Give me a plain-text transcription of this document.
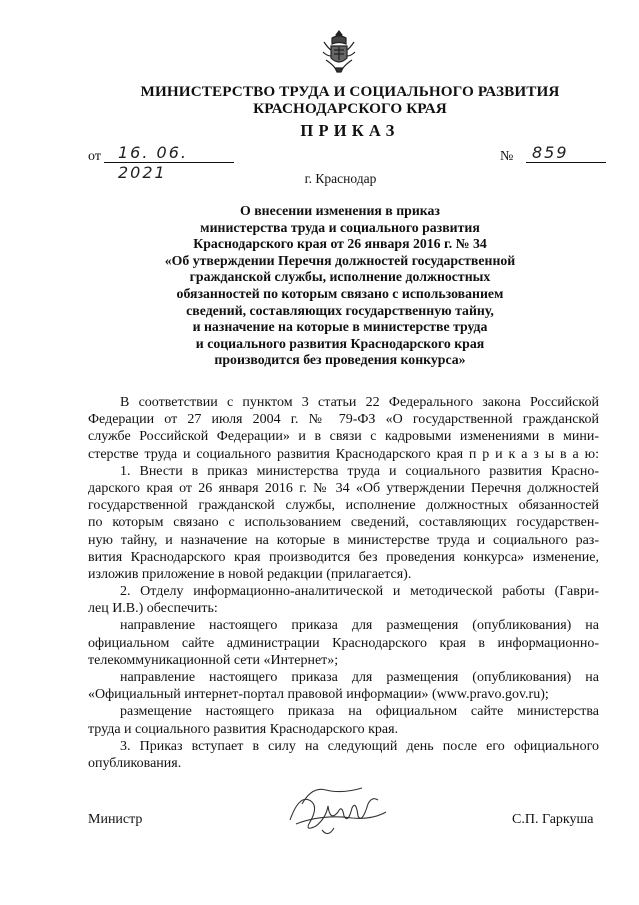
МИНИСТЕРСТВО ТРУДА И СОЦИАЛЬНОГО РАЗВИТИЯ
КРАСНОДАРСКОГО КРАЯ
ПРИКАЗ
от	16. 06. 2021
№	859
г. Краснодар
О внесении изменения в приказ
министерства труда и социального развития
Краснодарского края от 26 января 2016 г. № 34
«Об утверждении Перечня должностей государственной
гражданской службы, исполнение должностных
обязанностей по которым связано с использованием
сведений, составляющих государственную тайну,
и назначение на которые в министерстве труда
и социального развития Краснодарского края
производится без проведения конкурса»
В соответствии с пунктом 3 статьи 22 Федерального закона Российской
Федерации от 27 июля 2004 г. № 79-ФЗ «О государственной гражданской
службе Российской Федерации» и в связи с кадровыми изменениями в мини-
стерстве труда и социального развития Краснодарского края п р и к а з ы в а ю:
1. Внести в приказ министерства труда и социального развития Красно-
дарского края от 26 января 2016 г. № 34 «Об утверждении Перечня должностей
государственной гражданской службы, исполнение должностных обязанностей
по которым связано с использованием сведений, составляющих государствен-
ную тайну, и назначение на которые в министерстве труда и социального раз-
вития Краснодарского края производится без проведения конкурса» изменение,
изложив приложение в новой редакции (прилагается).
2. Отделу информационно-аналитической и методической работы (Гаври-
лец И.В.) обеспечить:
направление настоящего приказа для размещения (опубликования) на
официальном сайте администрации Краснодарского края в информационно-
телекоммуникационной сети «Интернет»;
направление настоящего приказа для размещения (опубликования) на
«Официальный интернет-портал правовой информации» (www.pravo.gov.ru);
размещение настоящего приказа на официальном сайте министерства
труда и социального развития Краснодарского края.
3. Приказ вступает в силу на следующий день после его официального
опубликования.
Министр	С.П. Гаркуша
